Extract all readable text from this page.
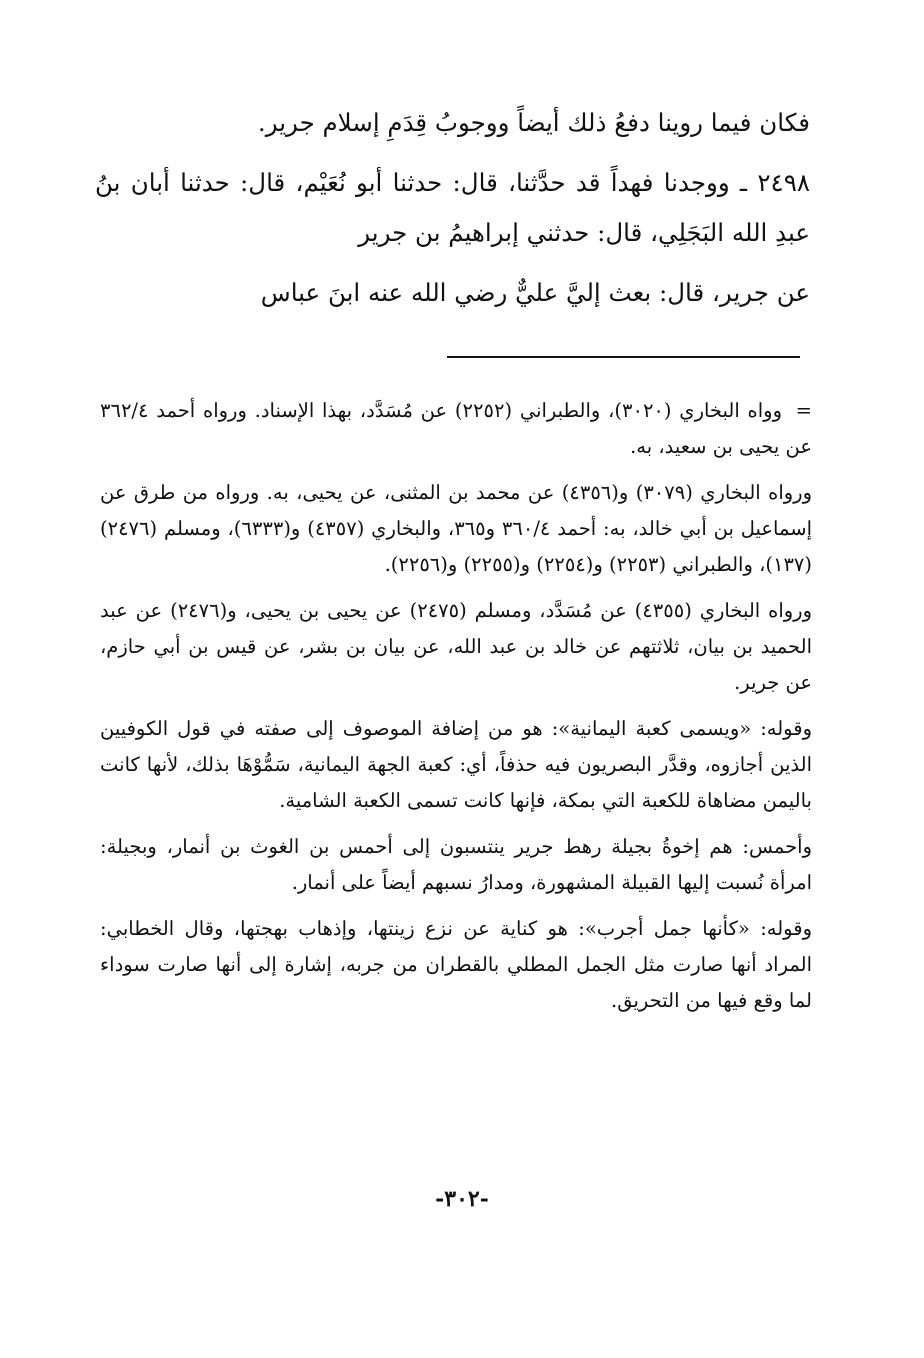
فكان فيما روينا دفعُ ذلك أيضاً ووجوبُ قِدَمِ إسلام جرير.

٢٤٩٨ ـ ووجدنا فهداً قد حدَّثنا، قال: حدثنا أبو نُعَيْم، قال: حدثنا أبان بنُ عبدِ الله البَجَلِي، قال: حدثني إبراهيمُ بن جرير

عن جرير، قال: بعث إليَّ عليٌّ رضي الله عنه ابنَ عباس

=وواه البخاري (٣٠٢٠)، والطبراني (٢٢٥٢) عن مُسَدَّد، بهذا الإسناد. ورواه أحمد ٣٦٢/٤ عن يحيى بن سعيد، به.

ورواه البخاري (٣٠٧٩) و(٤٣٥٦) عن محمد بن المثنى، عن يحيى، به. ورواه من طرق عن إسماعيل بن أبي خالد، به: أحمد ٣٦٠/٤ و٣٦٥، والبخاري (٤٣٥٧) و(٦٣٣٣)، ومسلم (٢٤٧٦) (١٣٧)، والطبراني (٢٢٥٣) و(٢٢٥٤) و(٢٢٥٥) و(٢٢٥٦).

ورواه البخاري (٤٣٥٥) عن مُسَدَّد، ومسلم (٢٤٧٥) عن يحيى بن يحيى، و(٢٤٧٦) عن عبد الحميد بن بيان، ثلاثتهم عن خالد بن عبد الله، عن بيان بن بشر، عن قيس بن أبي حازم، عن جرير.

وقوله: «ويسمى كعبة اليمانية»: هو من إضافة الموصوف إلى صفته في قول الكوفيين الذين أجازوه، وقدَّر البصريون فيه حذفاً، أي: كعبة الجهة اليمانية، سَمُّوْهَا بذلك، لأنها كانت باليمن مضاهاة للكعبة التي بمكة، فإنها كانت تسمى الكعبة الشامية.

وأحمس: هم إخوةُ بجيلة رهط جرير ينتسبون إلى أحمس بن الغوث بن أنمار، وبجيلة: امرأة نُسبت إليها القبيلة المشهورة، ومدارُ نسبهم أيضاً على أنمار.

وقوله: «كأنها جمل أجرب»: هو كناية عن نزع زينتها، وإذهاب بهجتها، وقال الخطابي: المراد أنها صارت مثل الجمل المطلي بالقطران من جربه، إشارة إلى أنها صارت سوداء لما وقع فيها من التحريق.

-٣٠٢-
